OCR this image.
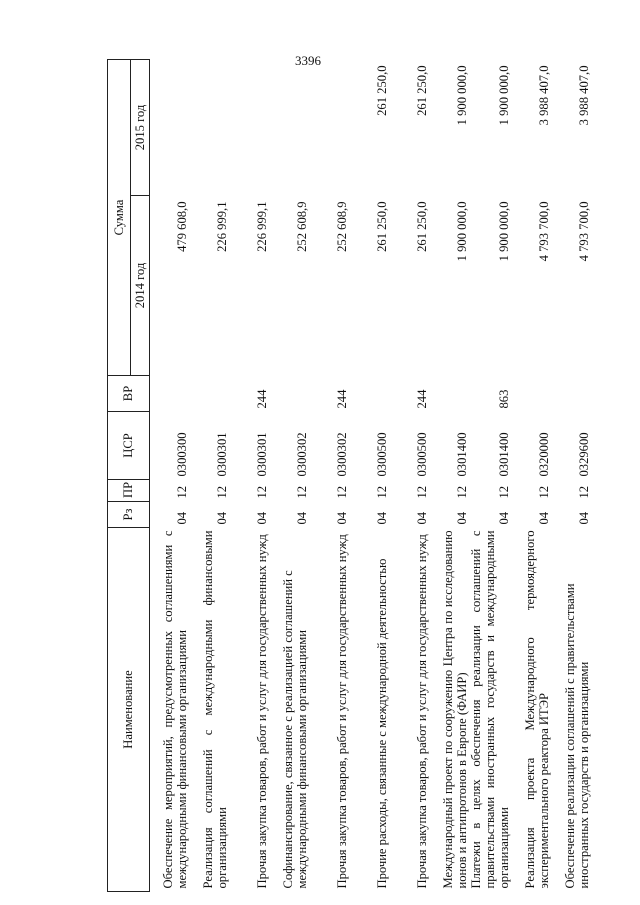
3396
Наименование	Рз	ПР	ЦСР	ВР	Сумма	
					2014 год	2015 год
Обеспечение мероприятий, предусмотренных соглашениями с международными финансовыми организациями	04	12	0300300		479 608,0	
Реализация соглашений с международными финансовыми организациями	04	12	0300301		226 999,1	
Прочая закупка товаров, работ и услуг для государственных нужд	04	12	0300301	244	226 999,1	
Софинансирование, связанное с реализацией соглашений с международными финансовыми организациями	04	12	0300302		252 608,9	
Прочая закупка товаров, работ и услуг для государственных нужд	04	12	0300302	244	252 608,9	
Прочие расходы, связанные с международной деятельностью	04	12	0300500		261 250,0	261 250,0
Прочая закупка товаров, работ и услуг для государственных нужд	04	12	0300500	244	261 250,0	261 250,0
Международный проект по сооружению Центра по исследованию ионов и антипротонов в Европе (ФАИР)	04	12	0301400		1 900 000,0	1 900 000,0
Платежи в целях обеспечения реализации соглашений с правительствами иностранных государств и международными организациями	04	12	0301400	863	1 900 000,0	1 900 000,0
Реализация проекта Международного термоядерного экспериментального реактора ИТЭР	04	12	0320000		4 793 700,0	3 988 407,0
Обеспечение реализации соглашений с правительствами иностранных государств и организациями	04	12	0329600		4 793 700,0	3 988 407,0
